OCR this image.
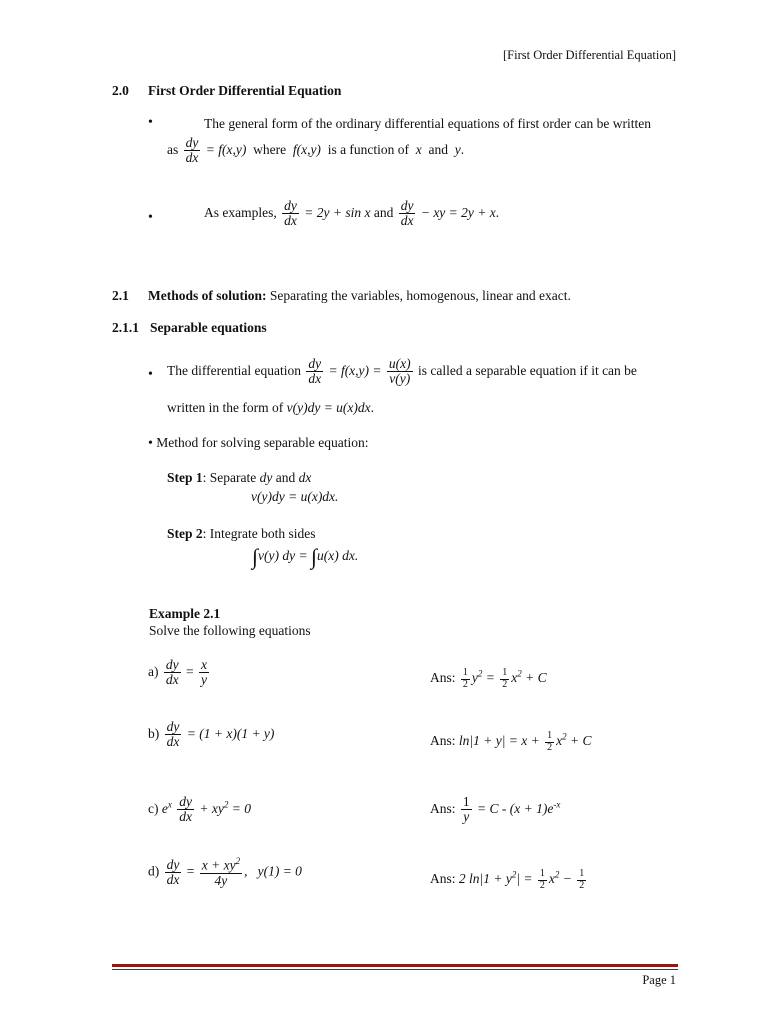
[First Order Differential Equation]
2.0 First Order Differential Equation
•	The general form of the ordinary differential equations of first order can be written
as $\frac{dy}{dx} = f(x,y)$ where f(x,y) is a function of x and y.
•	As examples, $\frac{dy}{dx} = 2y + \sin x$ and $\frac{dy}{dx}$ − xy = 2y + x.
2.1 Methods of solution: Separating the variables, homogenous, linear and exact.
2.1.1 Separable equations
• The differential equation $\frac{dy}{dx} = f(x,y) = \frac{u(x)}{v(y)}$ is called a separable equation if it can be
written in the form of v(y)dy = u(x)dx.
• Method for solving separable equation:
Step 1: Separate dy and dx
v(y)dy = u(x)dx.
Step 2: Integrate both sides
∫v(y) dy = ∫u(x) dx.
Example 2.1
Solve the following equations
$a) \frac{dy}{dx} = \frac{x}{y}$	Ans: $\frac{1}{2} y^2 = \frac{1}{2} x^2 + C$
$b) \frac{dy}{dx} = (1 + x)(1 + y)$	Ans: $\ln|1 + y| = x + \frac{1}{2} x^2 + C$
c) $e^x \frac{dy}{dx} + xy^2 = 0$	Ans: $\frac{1}{y} = C - (x + 1)e^{-x}$
$d) \frac{dy}{dx} = \frac{x + xy^2}{4y}$ ,   y(1) = 0
Ans: 2 $\ln|1 + y^2| = \frac{1}{2} x^2 - \frac{1}{2}$
Page 1
